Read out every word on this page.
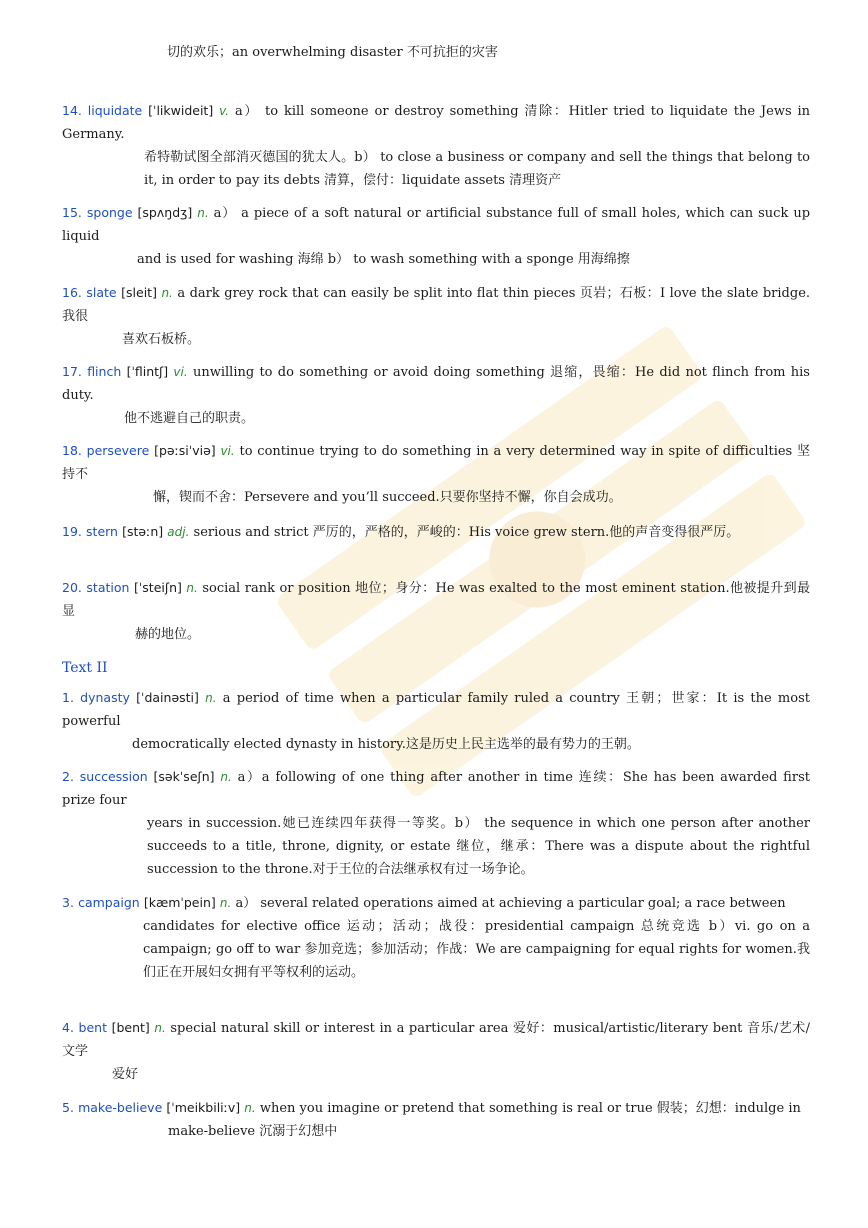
切的欢乐；an overwhelming disaster 不可抗拒的灾害
14. liquidate [ˈlikwideit] v. a） to kill someone or destroy something 清除：Hitler tried to liquidate the Jews in Germany.
希特勒试图全部消灭德国的犹太人。b） to close a business or company and sell the things that belong to it, in order to pay its debts 清算，偿付：liquidate assets 清理资产
15. sponge [spʌŋdʒ] n. a） a piece of a soft natural or artificial substance full of small holes, which can suck up liquid
and is used for washing 海绵 b） to wash something with a sponge 用海绵擦
16. slate [sleit] n. a dark grey rock that can easily be split into flat thin pieces 页岩；石板：I love the slate bridge.我很
喜欢石板桥。
17. flinch [ˈflintʃ] vi. unwilling to do something or avoid doing something 退缩，畏缩：He did not flinch from his duty.
他不逃避自己的职责。
18. persevere [pəːsiˈviə] vi. to continue trying to do something in a very determined way in spite of difficulties 坚持不
懈，锲而不舍：Persevere and you’ll succeed.只要你坚持不懈，你自会成功。
19. stern [stəːn] adj. serious and strict 严厉的，严格的，严峻的：His voice grew stern.他的声音变得很严厉。
20. station [ˈsteiʃn] n. social rank or position 地位；身分：He was exalted to the most eminent station.他被提升到最显
赫的地位。
Text II
1. dynasty [ˈdainəsti] n. a period of time when a particular family ruled a country 王朝；世家：It is the most powerful
democratically elected dynasty in history.这是历史上民主选举的最有势力的王朝。
2. succession [səkˈseʃn] n. a）a following of one thing after another in time 连续：She has been awarded first prize four
years in succession.她已连续四年获得一等奖。b） the sequence in which one person after another succeeds to a title, throne, dignity, or estate 继位，继承：There was a dispute about the rightful succession to the throne.对于王位的合法继承权有过一场争论。
3. campaign [kæmˈpein] n. a） several related operations aimed at achieving a particular goal; a race between
candidates for elective office 运动；活动；战役：presidential campaign 总统竞选 b）vi. go on a campaign; go off to war 参加竞选；参加活动；作战：We are campaigning for equal rights for women.我们正在开展妇女拥有平等权利的运动。
4. bent [bent] n. special natural skill or interest in a particular area 爱好：musical/artistic/literary bent 音乐/艺术/文学
爱好
5. make-believe [ˈmeikbiliːv] n. when you imagine or pretend that something is real or true 假装；幻想：indulge in
make-believe 沉溺于幻想中
